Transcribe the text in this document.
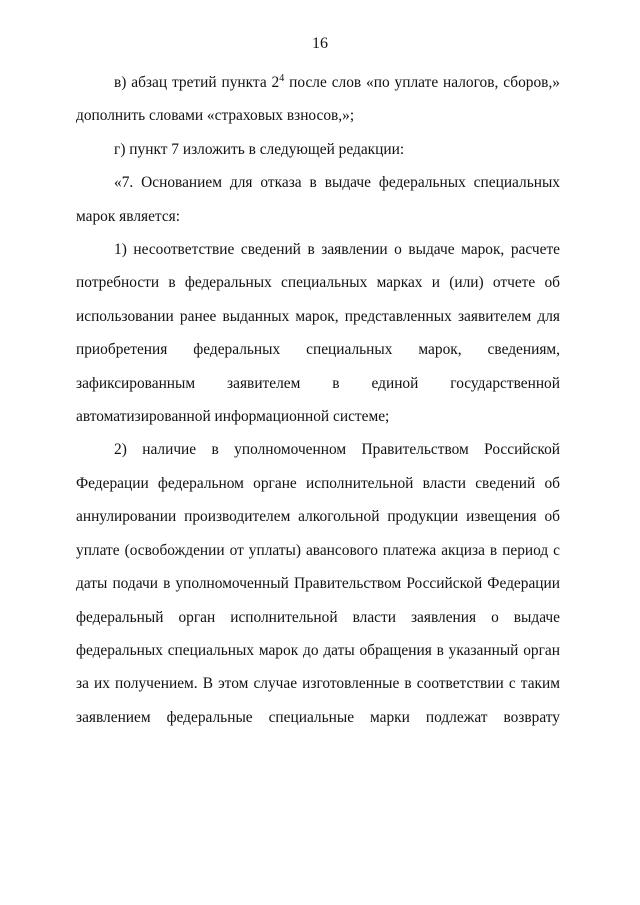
16

в) абзац третий пункта $2^4$ после слов «по уплате налогов, сборов,» дополнить словами «страховых взносов,»;

г) пункт 7 изложить в следующей редакции:

«7. Основанием для отказа в выдаче федеральных специальных марок является:

1) несоответствие сведений в заявлении о выдаче марок, расчете потребности в федеральных специальных марках и (или) отчете об использовании ранее выданных марок, представленных заявителем для приобретения федеральных специальных марок, сведениям, зафиксированным заявителем в единой государственной автоматизированной информационной системе;

2) наличие в уполномоченном Правительством Российской Федерации федеральном органе исполнительной власти сведений об аннулировании производителем алкогольной продукции извещения об уплате (освобождении от уплаты) авансового платежа акциза в период с даты подачи в уполномоченный Правительством Российской Федерации федеральный орган исполнительной власти заявления о выдаче федеральных специальных марок до даты обращения в указанный орган за их получением. В этом случае изготовленные в соответствии с таким заявлением федеральные специальные марки подлежат возврату
